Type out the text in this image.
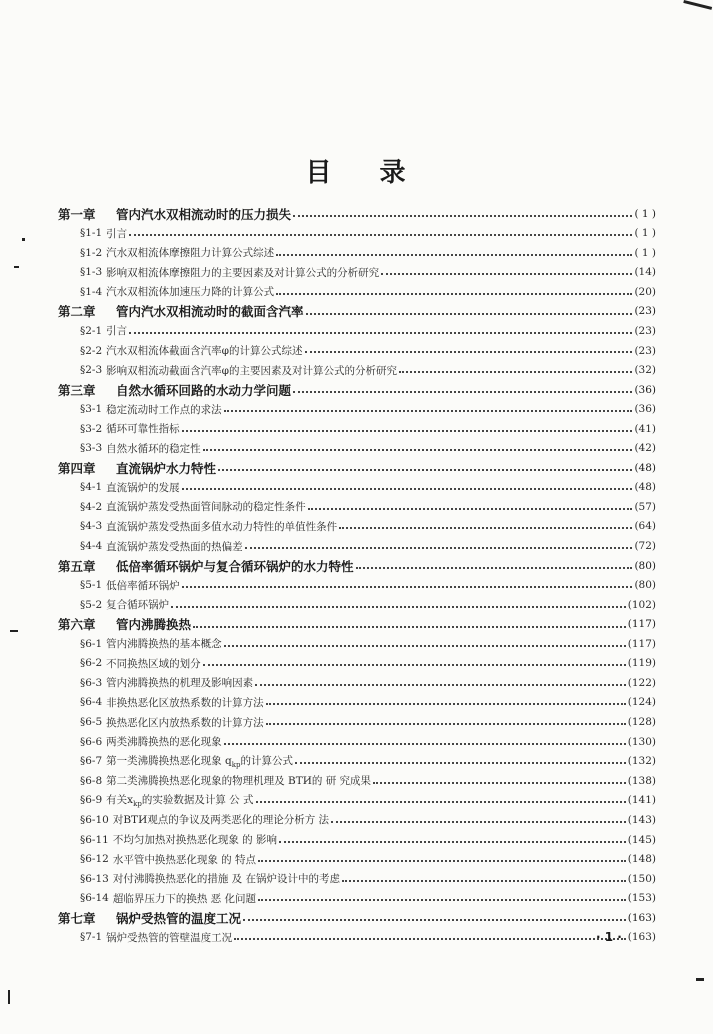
目 录
第一章	管内汽水双相流动时的压力损失	( 1 )
§1-1 引言	( 1 )
§1-2 汽水双相流体摩擦阻力计算公式综述	( 1 )
§1-3 影响双相流体摩擦阻力的主要因素及对计算公式的分析研究	(14)
§1-4 汽水双相流体加速压力降的计算公式	(20)
第二章	管内汽水双相流动时的截面含汽率	(23)
§2-1 引言	(23)
§2-2 汽水双相流体截面含汽率φ的计算公式综述	(23)
§2-3 影响双相流动截面含汽率φ的主要因素及对计算公式的分析研究	(32)
第三章	自然水循环回路的水动力学问题	(36)
§3-1 稳定流动时工作点的求法	(36)
§3-2 循环可靠性指标	(41)
§3-3 自然水循环的稳定性	(42)
第四章	直流锅炉水力特性	(48)
§4-1 直流锅炉的发展	(48)
§4-2 直流锅炉蒸发受热面管间脉动的稳定性条件	(57)
§4-3 直流锅炉蒸发受热面多值水动力特性的单值性条件	(64)
§4-4 直流锅炉蒸发受热面的热偏差	(72)
第五章	低倍率循环锅炉与复合循环锅炉的水力特性	(80)
§5-1 低倍率循环锅炉	(80)
§5-2 复合循环锅炉	(102)
第六章	管内沸腾换热	(117)
§6-1 管内沸腾换热的基本概念	(117)
§6-2 不同换热区域的划分	(119)
§6-3 管内沸腾换热的机理及影响因素	(122)
§6-4 非换热恶化区放热系数的计算方法	(124)
§6-5 换热恶化区内放热系数的计算方法	(128)
§6-6 两类沸腾换热的恶化现象	(130)
§6-7 第一类沸腾换热恶化现象 $q_{kp}$的计算公式	(132)
§6-8 第二类沸腾换热恶化现象的物理机理及 BTИ的 研 究成果	(138)
§6-9 有关$x_{kp}$的实验数据及计算 公 式	(141)
§6-10 对BTИ观点的争议及两类恶化的理论分析方 法	(143)
§6-11 不均匀加热对换热恶化现象 的 影响	(145)
§6-12 水平管中换热恶化现象 的 特点	(148)
§6-13 对付沸腾换热恶化的措施 及 在锅炉设计中的考虑	(150)
§6-14 超临界压力下的换热 恶 化问题	(153)
第七章	锅炉受热管的温度工况	(163)
§7-1 锅炉受热管的管壁温度工况	(163)
· 1 ·
